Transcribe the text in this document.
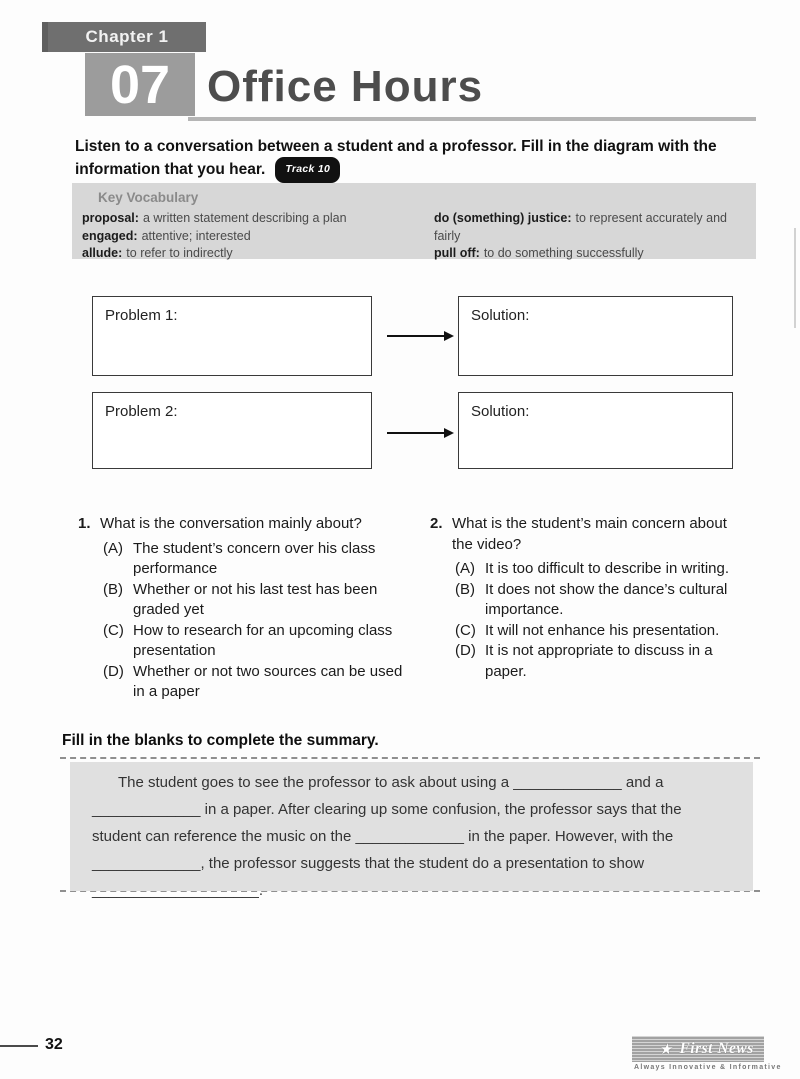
Chapter 1
07 Office Hours
Listen to a conversation between a student and a professor. Fill in the diagram with the
information that you hear. Track 10
Key Vocabulary
proposal: a written statement describing a plan
engaged: attentive; interested
allude: to refer to indirectly
do (something) justice: to represent accurately and fairly
pull off: to do something successfully
Problem 1:	Solution:
Problem 2:	Solution:
1. What is the conversation mainly about?
(A) The student’s concern over his class performance
(B) Whether or not his last test has been graded yet
(C) How to research for an upcoming class presentation
(D) Whether or not two sources can be used in a paper
2. What is the student’s main concern about the video?
(A) It is too difficult to describe in writing.
(B) It does not show the dance’s cultural importance.
(C) It will not enhance his presentation.
(D) It is not appropriate to discuss in a paper.
Fill in the blanks to complete the summary.
The student goes to see the professor to ask about using a _____________ and a
_____________ in a paper. After clearing up some confusion, the professor says that the
student can reference the music on the _____________ in the paper. However, with the
_____________, the professor suggests that the student do a presentation to show
____________________.
32	★ First News
Always Innovative & Informative
